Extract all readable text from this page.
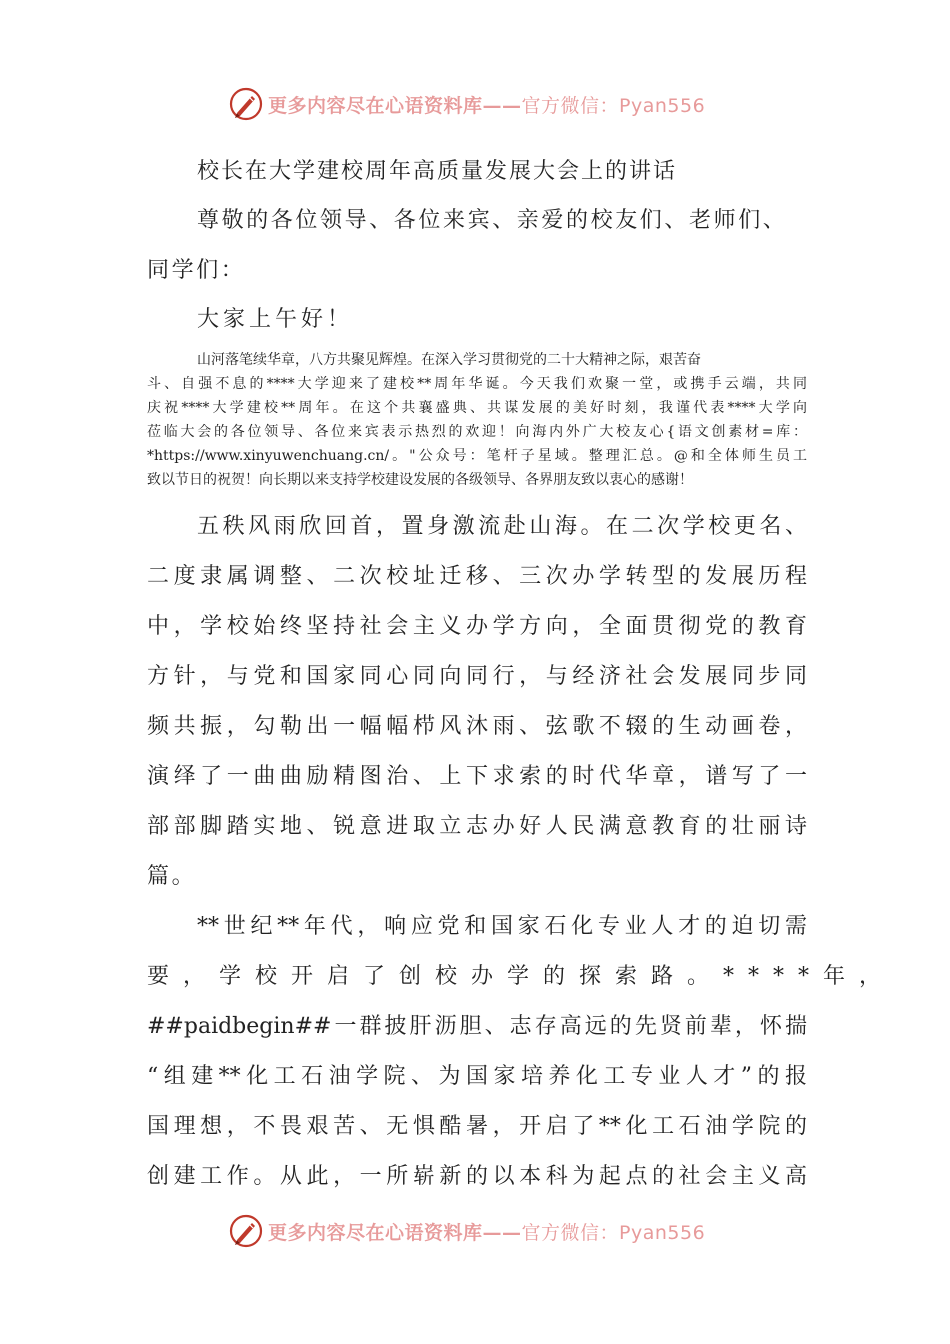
更多内容尽在心语资料库——官方微信：Pyan556
校长在大学建校周年高质量发展大会上的讲话
尊敬的各位领导、各位来宾、亲爱的校友们、老师们、
同学们：
大家上午好！
山河落笔续华章，八方共聚见辉煌。在深入学习贯彻党的二十大精神之际，艰苦奋
斗、自强不息的****大学迎来了建校**周年华诞。今天我们欢聚一堂，或携手云端，共同
庆祝****大学建校**周年。在这个共襄盛典、共谋发展的美好时刻，我谨代表****大学向
莅临大会的各位领导、各位来宾表示热烈的欢迎！向海内外广大校友心{语文创素材=库：
*https://www.xinyuwenchuang.cn/。"公众号：笔杆子星域。整理汇总。@和全体师生员工
致以节日的祝贺！向长期以来支持学校建设发展的各级领导、各界朋友致以衷心的感谢！
五秩风雨欣回首，置身激流赴山海。在二次学校更名、
二度隶属调整、二次校址迁移、三次办学转型的发展历程
中，学校始终坚持社会主义办学方向，全面贯彻党的教育
方针，与党和国家同心同向同行，与经济社会发展同步同
频共振，勾勒出一幅幅栉风沐雨、弦歌不辍的生动画卷，
演绎了一曲曲励精图治、上下求索的时代华章，谱写了一
部部脚踏实地、锐意进取立志办好人民满意教育的壮丽诗
篇。
**世纪**年代，响应党和国家石化专业人才的迫切需
要，学校开启了创校办学的探索路。****年，
##paidbegin##一群披肝沥胆、志存高远的先贤前辈，怀揣
“组建**化工石油学院、为国家培养化工专业人才”的报
国理想，不畏艰苦、无惧酷暑，开启了**化工石油学院的
创建工作。从此，一所崭新的以本科为起点的社会主义高
更多内容尽在心语资料库——官方微信：Pyan556
